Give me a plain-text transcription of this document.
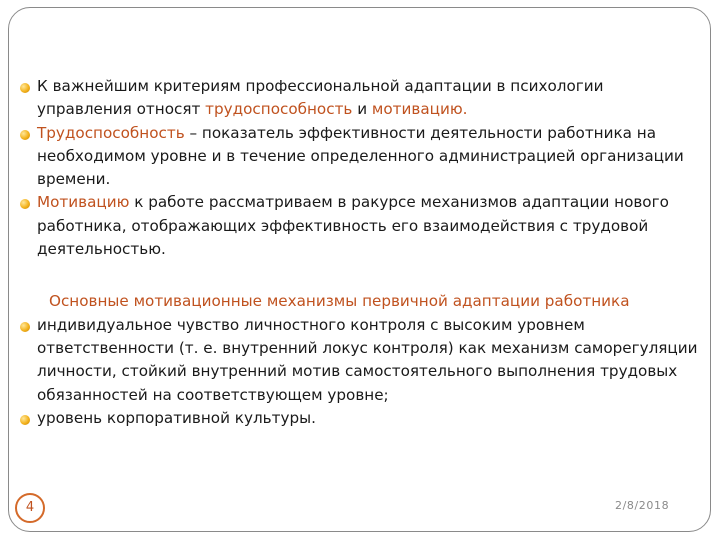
К важнейшим критериям профессиональной адаптации в психологии управления относят трудоспособность и мотивацию.
Трудоспособность – показатель эффективности деятельности работника на необходимом уровне и в течение определенного администрацией организации времени.
Мотивацию к работе рассматриваем в ракурсе механизмов адаптации нового работника, отображающих эффективность его взаимодействия с трудовой деятельностью.
Основные мотивационные механизмы первичной адаптации работника
индивидуальное чувство личностного контроля с высоким уровнем ответственности (т. е. внутренний локус контроля) как механизм саморегуляции личности, стойкий внутренний мотив самостоятельного выполнения трудовых обязанностей на соответствующем уровне;
уровень корпоративной культуры.
4	2/8/2018
